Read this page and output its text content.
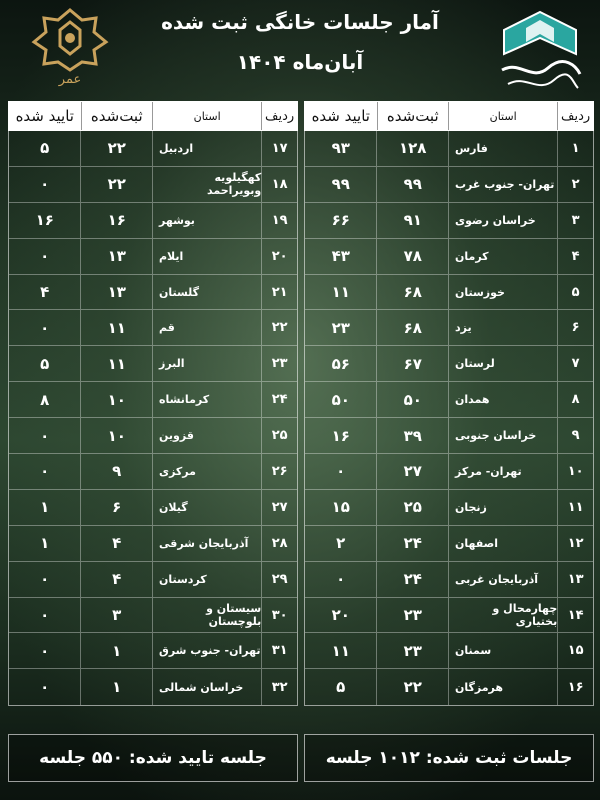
آمار جلسات خانگی ثبت شده
آبان‌ماه ۱۴۰۴
عمر
ردیف
استان
ثبت‌شده
تایید شده
۱
فارس
۱۲۸
۹۳
۲
تهران- جنوب غرب
۹۹
۹۹
۳
خراسان رضوی
۹۱
۶۶
۴
کرمان
۷۸
۴۳
۵
خوزستان
۶۸
۱۱
۶
یزد
۶۸
۲۳
۷
لرستان
۶۷
۵۶
۸
همدان
۵۰
۵۰
۹
خراسان جنوبی
۳۹
۱۶
۱۰
تهران- مرکز
۲۷
۰
۱۱
زنجان
۲۵
۱۵
۱۲
اصفهان
۲۴
۲
۱۳
آذربایجان غربی
۲۴
۰
۱۴
چهارمحال و بختیاری
۲۳
۲۰
۱۵
سمنان
۲۳
۱۱
۱۶
هرمزگان
۲۲
۵
ردیف
استان
ثبت‌شده
تایید شده
۱۷
اردبیل
۲۲
۵
۱۸
کهگیلویه وبویراحمد
۲۲
۰
۱۹
بوشهر
۱۶
۱۶
۲۰
ایلام
۱۳
۰
۲۱
گلستان
۱۳
۴
۲۲
قم
۱۱
۰
۲۳
البرز
۱۱
۵
۲۴
کرمانشاه
۱۰
۸
۲۵
قزوین
۱۰
۰
۲۶
مرکزی
۹
۰
۲۷
گیلان
۶
۱
۲۸
آذربایجان شرقی
۴
۱
۲۹
کردستان
۴
۰
۳۰
سیستان و بلوچستان
۳
۰
۳۱
تهران- جنوب شرق
۱
۰
۳۲
خراسان شمالی
۱
۰
جلسات ثبت شده: ۱۰۱۲ جلسه
جلسه تایید شده: ۵۵۰ جلسه
